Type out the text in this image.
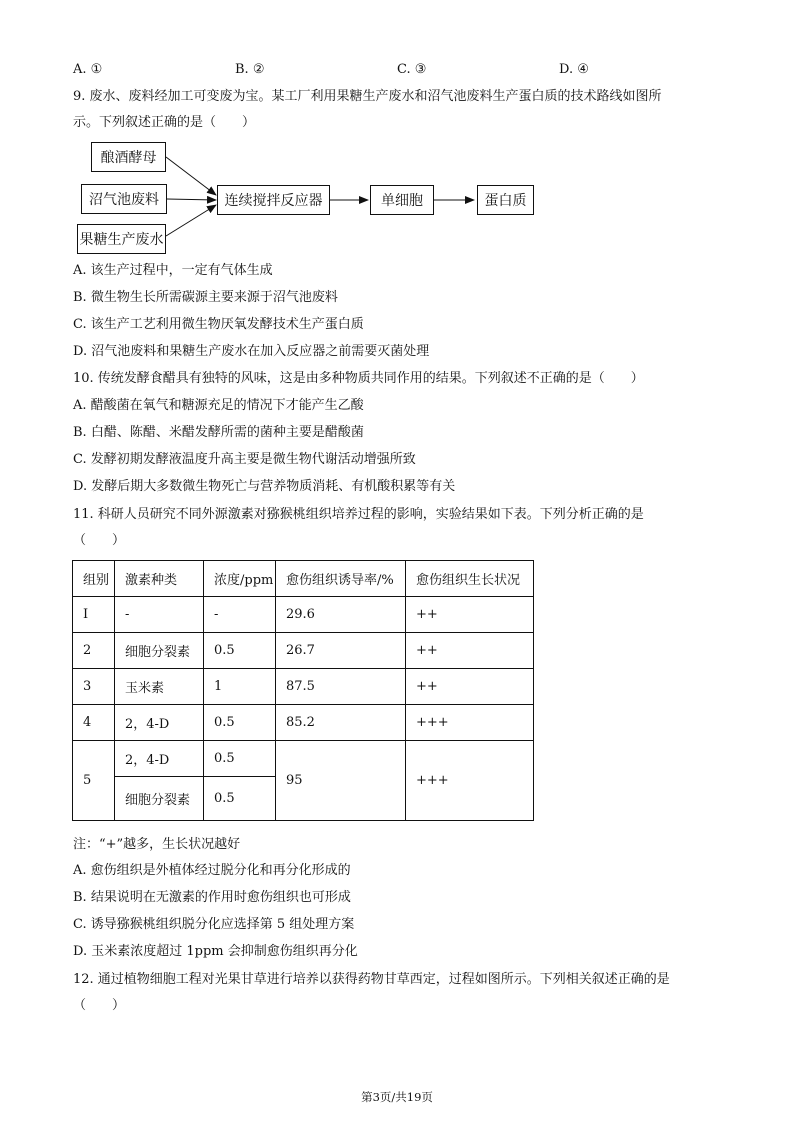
A. ①	B. ②	C. ③	D. ④
9. 废水、废料经加工可变废为宝。某工厂利用果糖生产废水和沼气池废料生产蛋白质的技术路线如图所
示。下列叙述正确的是（　　）
酿酒酵母
沼气池废料
果糖生产废水
连续搅拌反应器	单细胞	蛋白质
A. 该生产过程中，一定有气体生成
B. 微生物生长所需碳源主要来源于沼气池废料
C. 该生产工艺利用微生物厌氧发酵技术生产蛋白质
D. 沼气池废料和果糖生产废水在加入反应器之前需要灭菌处理
10. 传统发酵食醋具有独特的风味，这是由多种物质共同作用的结果。下列叙述不正确的是（　　）
A. 醋酸菌在氧气和糖源充足的情况下才能产生乙酸
B. 白醋、陈醋、米醋发酵所需的菌种主要是醋酸菌
C. 发酵初期发酵液温度升高主要是微生物代谢活动增强所致
D. 发酵后期大多数微生物死亡与营养物质消耗、有机酸积累等有关
11. 科研人员研究不同外源激素对猕猴桃组织培养过程的影响，实验结果如下表。下列分析正确的是
（　　）
组别	激素种类	浓度/ppm	愈伤组织诱导率/%	愈伤组织生长状况
I	-	-	29.6	++
2	细胞分裂素	0.5	26.7	++
3	玉米素	1	87.5	++
4	2，4-D	0.5	85.2	+++
5	2，4-D	0.5	95	+++
	细胞分裂素	0.5		
注：“+”越多，生长状况越好
A. 愈伤组织是外植体经过脱分化和再分化形成的
B. 结果说明在无激素的作用时愈伤组织也可形成
C. 诱导猕猴桃组织脱分化应选择第 5 组处理方案
D. 玉米素浓度超过 1ppm 会抑制愈伤组织再分化
12. 通过植物细胞工程对光果甘草进行培养以获得药物甘草西定，过程如图所示。下列相关叙述正确的是
（　　）
第3页/共19页
